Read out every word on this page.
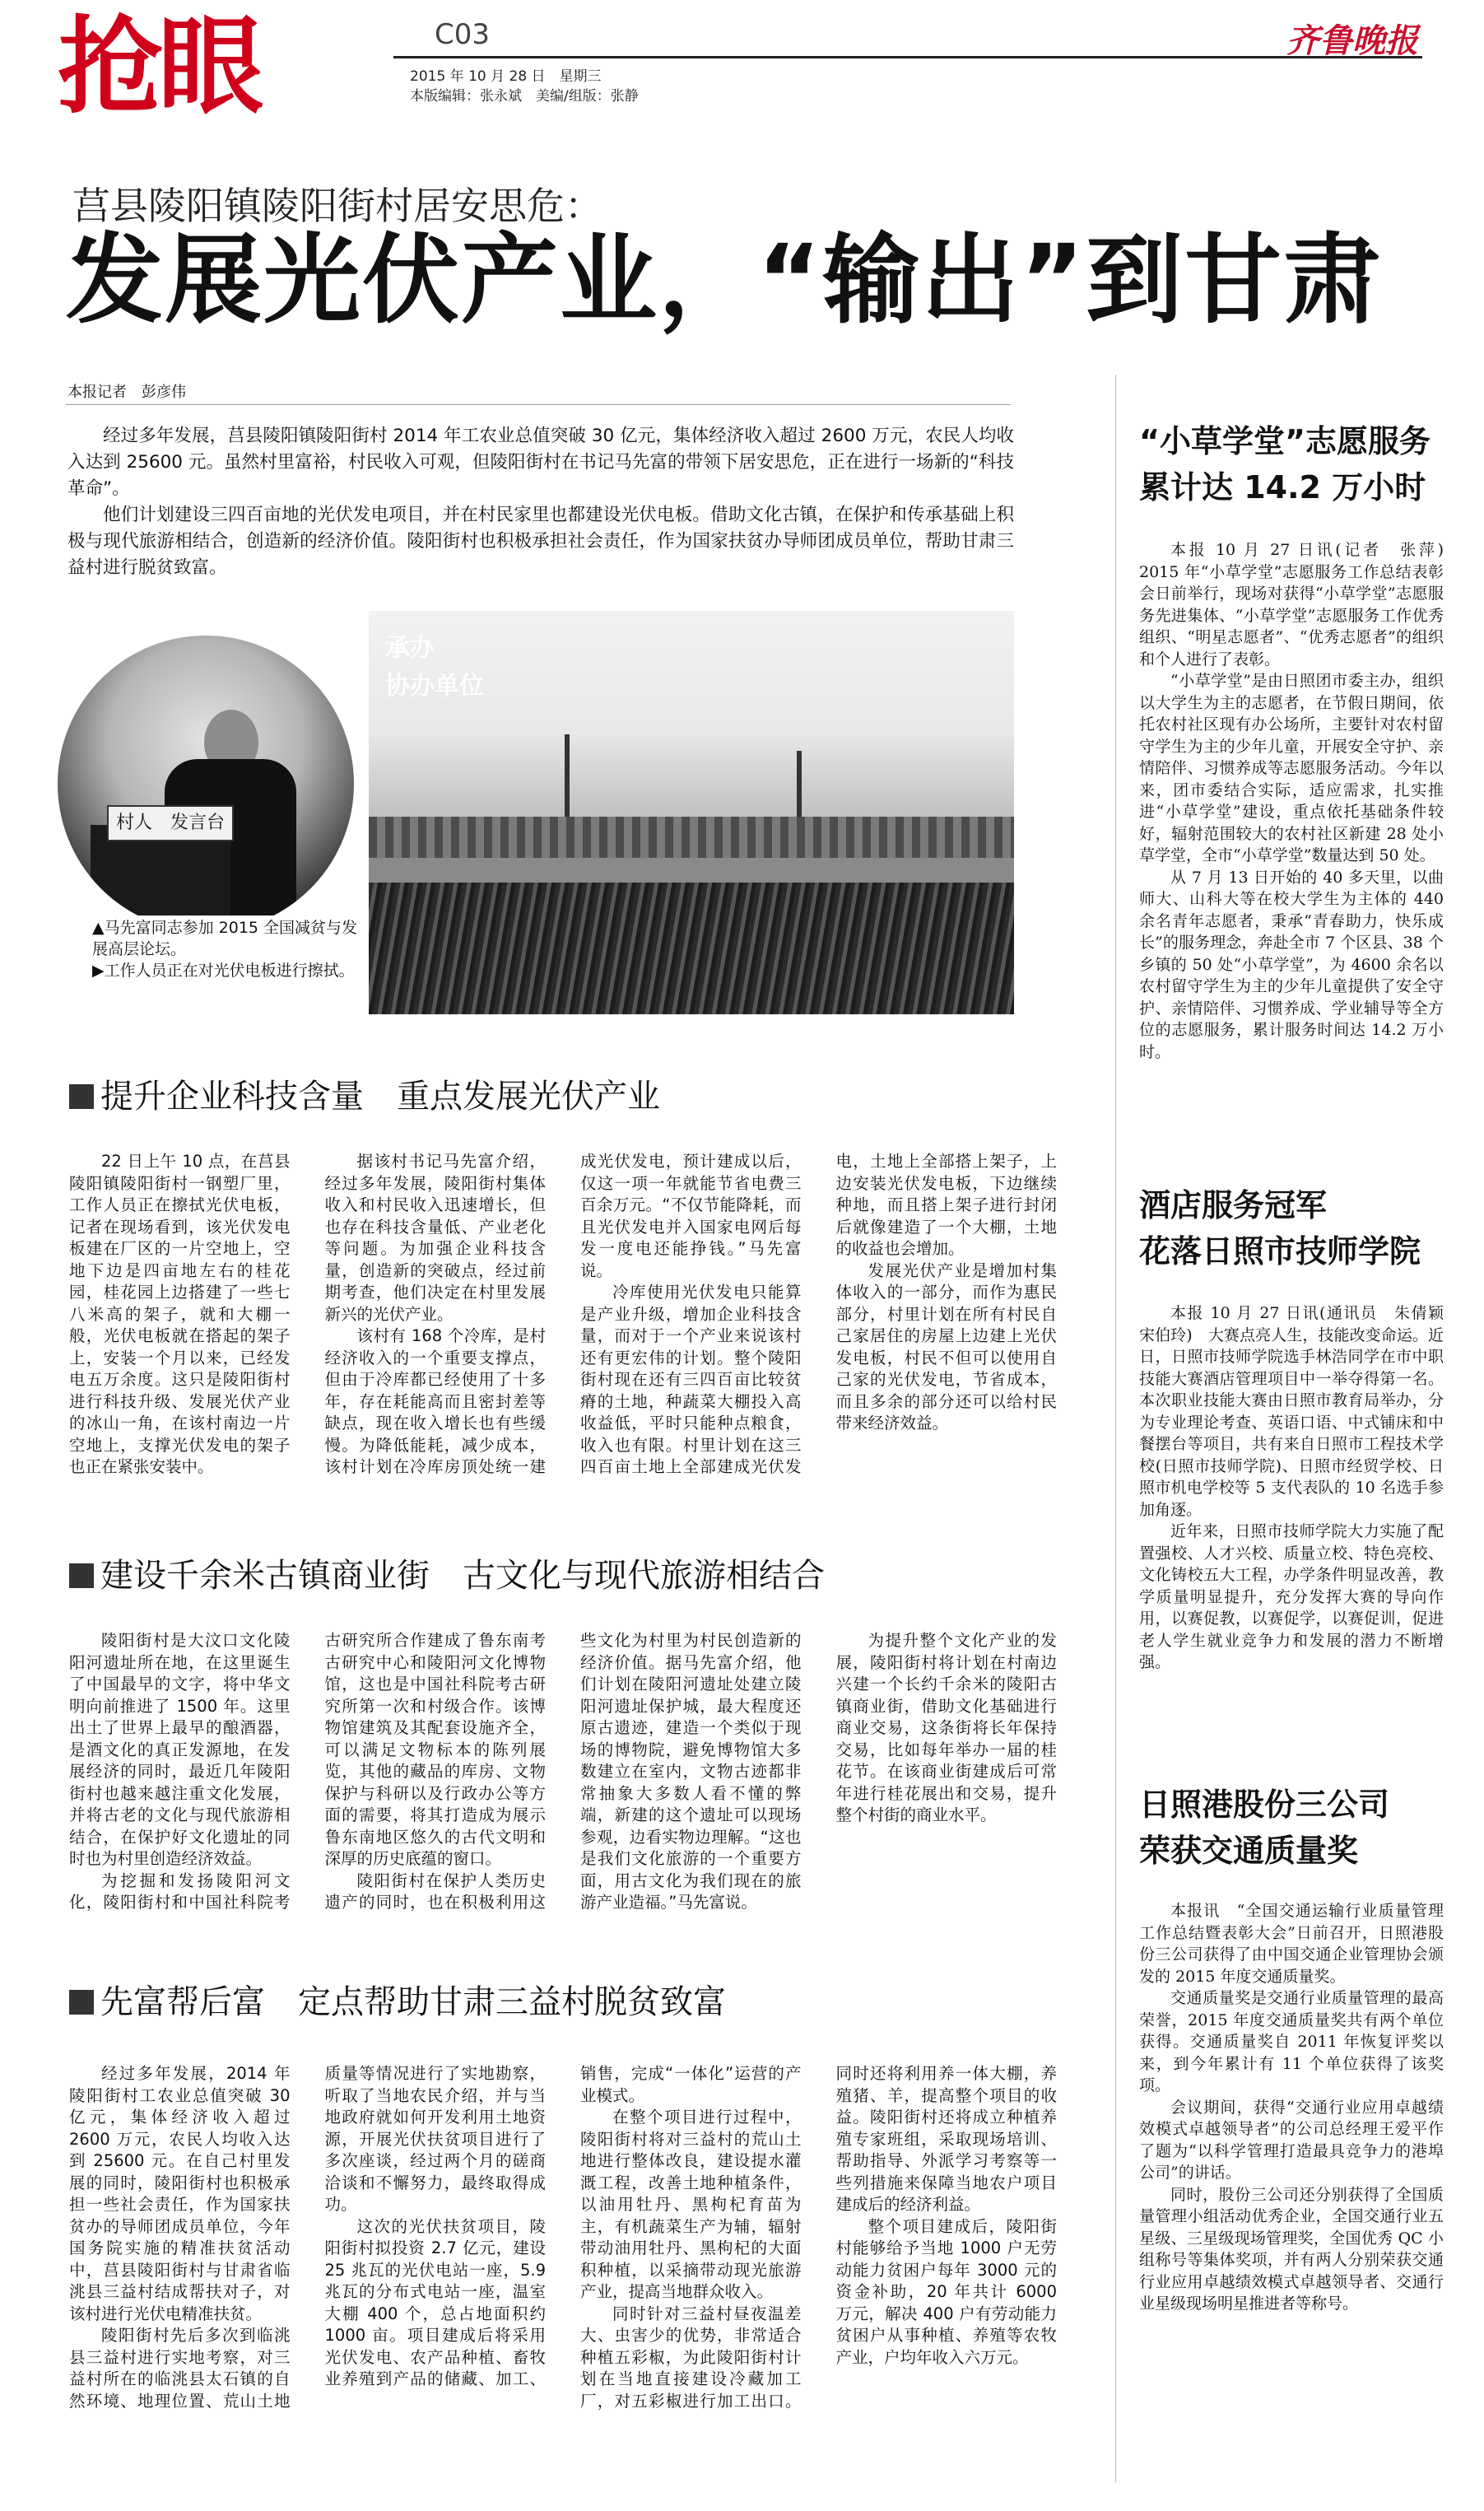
抢眼	C03
2015 年 10 月 28 日　星期三
本版编辑：张永斌　美编/组版：张静
齐鲁晚报
莒县陵阳镇陵阳街村居安思危：
发展光伏产业，“输出”到甘肃
本报记者 彭彦伟

经过多年发展，莒县陵阳镇陵阳街村 2014 年工农业总值突破 30 亿元，集体经济收入超过 2600 万元，农民人均收入达到 25600 元。虽然村里富裕，村民收入可观，但陵阳街村在书记马先富的带领下居安思危，正在进行一场新的“科技革命”。

他们计划建设三四百亩地的光伏发电项目，并在村民家里也都建设光伏电板。借助文化古镇，在保护和传承基础上积极与现代旅游相结合，创造新的经济价值。陵阳街村也积极承担社会责任，作为国家扶贫办导师团成员单位，帮助甘肃三益村进行脱贫致富。

承办
协办单位
村人　发言台

▲马先富同志参加 2015 全国减贫与发展高层论坛。

▶工作人员正在对光伏电板进行擦拭。

提升企业科技含量　重点发展光伏产业

22 日上午 10 点，在莒县陵阳镇陵阳街村一钢塑厂里，工作人员正在擦拭光伏电板，记者在现场看到，该光伏发电板建在厂区的一片空地上，空地下边是四亩地左右的桂花园，桂花园上边搭建了一些七八米高的架子，就和大棚一般，光伏电板就在搭起的架子上，安装一个月以来，已经发电五万余度。这只是陵阳街村进行科技升级、发展光伏产业的冰山一角，在该村南边一片空地上，支撑光伏发电的架子也正在紧张安装中。

据该村书记马先富介绍，经过多年发展，陵阳街村集体收入和村民收入迅速增长，但也存在科技含量低、产业老化等问题。为加强企业科技含量，创造新的突破点，经过前期考查，他们决定在村里发展新兴的光伏产业。

该村有 168 个冷库，是村经济收入的一个重要支撑点，但由于冷库都已经使用了十多年，存在耗能高而且密封差等缺点，现在收入增长也有些缓慢。为降低能耗，减少成本，该村计划在冷库房顶处统一建成光伏发电，预计建成以后，仅这一项一年就能节省电费三百余万元。“不仅节能降耗，而且光伏发电并入国家电网后每发一度电还能挣钱。”马先富说。

冷库使用光伏发电只能算是产业升级，增加企业科技含量，而对于一个产业来说该村还有更宏伟的计划。整个陵阳街村现在还有三四百亩比较贫瘠的土地，种蔬菜大棚投入高收益低，平时只能种点粮食，收入也有限。村里计划在这三四百亩土地上全部建成光伏发电，土地上全部搭上架子，上边安装光伏发电板，下边继续种地，而且搭上架子进行封闭后就像建造了一个大棚，土地的收益也会增加。

发展光伏产业是增加村集体收入的一部分，而作为惠民部分，村里计划在所有村民自己家居住的房屋上边建上光伏发电板，村民不但可以使用自己家的光伏发电，节省成本，而且多余的部分还可以给村民带来经济效益。

建设千余米古镇商业街　古文化与现代旅游相结合

陵阳街村是大汶口文化陵阳河遗址所在地，在这里诞生了中国最早的文字，将中华文明向前推进了 1500 年。这里出土了世界上最早的酿酒器，是酒文化的真正发源地，在发展经济的同时，最近几年陵阳街村也越来越注重文化发展，并将古老的文化与现代旅游相结合，在保护好文化遗址的同时也为村里创造经济效益。

为挖掘和发扬陵阳河文化，陵阳街村和中国社科院考古研究所合作建成了鲁东南考古研究中心和陵阳河文化博物馆，这也是中国社科院考古研究所第一次和村级合作。该博物馆建筑及其配套设施齐全，可以满足文物标本的陈列展览，其他的藏品的库房、文物保护与科研以及行政办公等方面的需要，将其打造成为展示鲁东南地区悠久的古代文明和深厚的历史底蕴的窗口。

陵阳街村在保护人类历史遗产的同时，也在积极利用这些文化为村里为村民创造新的经济价值。据马先富介绍，他们计划在陵阳河遗址处建立陵阳河遗址保护城，最大程度还原古遗迹，建造一个类似于现场的博物院，避免博物馆大多数建立在室内，文物古迹都非常抽象大多数人看不懂的弊端，新建的这个遗址可以现场参观，边看实物边理解。“这也是我们文化旅游的一个重要方面，用古文化为我们现在的旅游产业造福。”马先富说。

为提升整个文化产业的发展，陵阳街村将计划在村南边兴建一个长约千余米的陵阳古镇商业街，借助文化基础进行商业交易，这条街将长年保持交易，比如每年举办一届的桂花节。在该商业街建成后可常年进行桂花展出和交易，提升整个村街的商业水平。

先富帮后富　定点帮助甘肃三益村脱贫致富

经过多年发展，2014 年陵阳街村工农业总值突破 30 亿元，集体经济收入超过 2600 万元，农民人均收入达到 25600 元。在自己村里发展的同时，陵阳街村也积极承担一些社会责任，作为国家扶贫办的导师团成员单位，今年国务院实施的精准扶贫活动中，莒县陵阳街村与甘肃省临洮县三益村结成帮扶对子，对该村进行光伏电精准扶贫。

陵阳街村先后多次到临洮县三益村进行实地考察，对三益村所在的临洮县太石镇的自然环境、地理位置、荒山土地质量等情况进行了实地勘察，听取了当地农民介绍，并与当地政府就如何开发利用土地资源，开展光伏扶贫项目进行了多次座谈，经过两个月的磋商洽谈和不懈努力，最终取得成功。

这次的光伏扶贫项目，陵阳街村拟投资 2.7 亿元，建设 25 兆瓦的光伏电站一座，5.9 兆瓦的分布式电站一座，温室大棚 400 个，总占地面积约 1000 亩。项目建成后将采用光伏发电、农产品种植、畜牧业养殖到产品的储藏、加工、销售，完成“一体化”运营的产业模式。

在整个项目进行过程中，陵阳街村将对三益村的荒山土地进行整体改良，建设提水灌溉工程，改善土地种植条件，以油用牡丹、黑枸杞育苗为主，有机蔬菜生产为辅，辐射带动油用牡丹、黑枸杞的大面积种植，以采摘带动现光旅游产业，提高当地群众收入。

同时针对三益村昼夜温差大、虫害少的优势，非常适合种植五彩椒，为此陵阳街村计划在当地直接建设冷藏加工厂，对五彩椒进行加工出口。同时还将利用养一体大棚，养殖猪、羊，提高整个项目的收益。陵阳街村还将成立种植养殖专家班组，采取现场培训、帮助指导、外派学习考察等一些列措施来保障当地农户项目建成后的经济利益。

整个项目建成后，陵阳街村能够给予当地 1000 户无劳动能力贫困户每年 3000 元的资金补助，20 年共计 6000 万元，解决 400 户有劳动能力贫困户从事种植、养殖等农牧产业，户均年收入六万元。

“小草学堂”志愿服务
累计达 14.2 万小时

本报 10 月 27 日讯(记者　张萍)　2015 年“小草学堂”志愿服务工作总结表彰会日前举行，现场对获得“小草学堂”志愿服务先进集体、“小草学堂”志愿服务工作优秀组织、“明星志愿者”、“优秀志愿者”的组织和个人进行了表彰。

“小草学堂”是由日照团市委主办，组织以大学生为主的志愿者，在节假日期间，依托农村社区现有办公场所，主要针对农村留守学生为主的少年儿童，开展安全守护、亲情陪伴、习惯养成等志愿服务活动。今年以来，团市委结合实际，适应需求，扎实推进“小草学堂”建设，重点依托基础条件较好，辐射范围较大的农村社区新建 28 处小草学堂，全市“小草学堂”数量达到 50 处。

从 7 月 13 日开始的 40 多天里，以曲师大、山科大等在校大学生为主体的 440 余名青年志愿者，秉承“青春助力，快乐成长”的服务理念，奔赴全市 7 个区县、38 个乡镇的 50 处“小草学堂”，为 4600 余名以农村留守学生为主的少年儿童提供了安全守护、亲情陪伴、习惯养成、学业辅导等全方位的志愿服务，累计服务时间达 14.2 万小时。

酒店服务冠军
花落日照市技师学院

本报 10 月 27 日讯(通讯员　朱倩颖　宋伯玲)　大赛点亮人生，技能改变命运。近日，日照市技师学院选手林浩同学在市中职技能大赛酒店管理项目中一举夺得第一名。本次职业技能大赛由日照市教育局举办，分为专业理论考查、英语口语、中式铺床和中餐摆台等项目，共有来自日照市工程技术学校(日照市技师学院)、日照市经贸学校、日照市机电学校等 5 支代表队的 10 名选手参加角逐。

近年来，日照市技师学院大力实施了配置强校、人才兴校、质量立校、特色亮校、文化铸校五大工程，办学条件明显改善，教学质量明显提升，充分发挥大赛的导向作用，以赛促教，以赛促学，以赛促训，促进老人学生就业竞争力和发展的潜力不断增强。

日照港股份三公司
荣获交通质量奖

本报讯　“全国交通运输行业质量管理工作总结暨表彰大会”日前召开，日照港股份三公司获得了由中国交通企业管理协会颁发的 2015 年度交通质量奖。

交通质量奖是交通行业质量管理的最高荣誉，2015 年度交通质量奖共有两个单位获得。交通质量奖自 2011 年恢复评奖以来，到今年累计有 11 个单位获得了该奖项。

会议期间，获得“交通行业应用卓越绩效模式卓越领导者”的公司总经理王爱平作了题为“以科学管理打造最具竞争力的港埠公司”的讲话。

同时，股份三公司还分别获得了全国质量管理小组活动优秀企业，全国交通行业五星级、三星级现场管理奖，全国优秀 QC 小组称号等集体奖项，并有两人分别荣获交通行业应用卓越绩效模式卓越领导者、交通行业星级现场明星推进者等称号。
